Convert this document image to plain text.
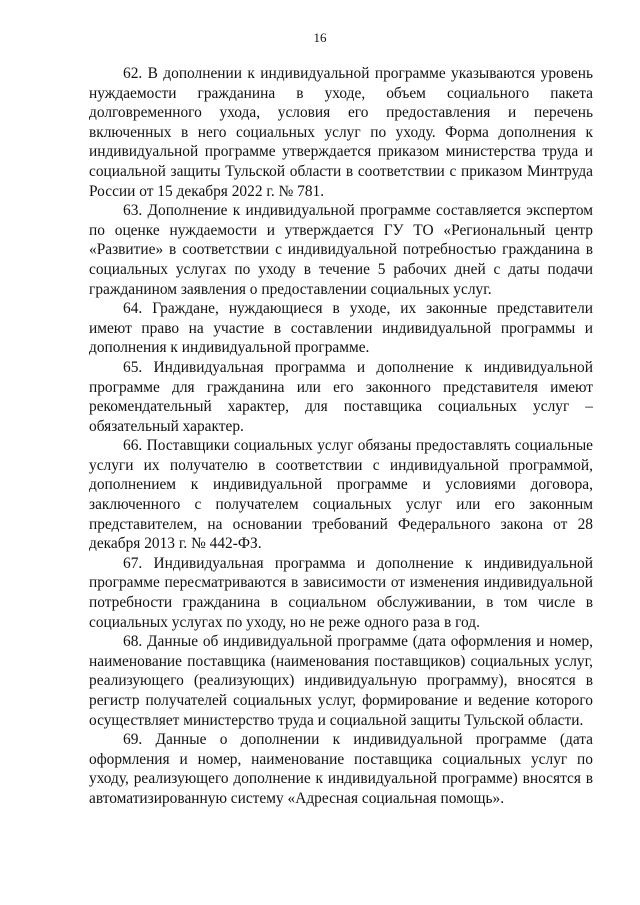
16

62. В дополнении к индивидуальной программе указываются уровень нуждаемости гражданина в уходе, объем социального пакета долговременного ухода, условия его предоставления и перечень включенных в него социальных услуг по уходу. Форма дополнения к индивидуальной программе утверждается приказом министерства труда и социальной защиты Тульской области в соответствии с приказом Минтруда России от 15 декабря 2022 г. № 781.

63. Дополнение к индивидуальной программе составляется экспертом по оценке нуждаемости и утверждается ГУ ТО «Региональный центр «Развитие» в соответствии с индивидуальной потребностью гражданина в социальных услугах по уходу в течение 5 рабочих дней с даты подачи гражданином заявления о предоставлении социальных услуг.

64. Граждане, нуждающиеся в уходе, их законные представители имеют право на участие в составлении индивидуальной программы и дополнения к индивидуальной программе.

65. Индивидуальная программа и дополнение к индивидуальной программе для гражданина или его законного представителя имеют рекомендательный характер, для поставщика социальных услуг – обязательный характер.

66. Поставщики социальных услуг обязаны предоставлять социальные услуги их получателю в соответствии с индивидуальной программой, дополнением к индивидуальной программе и условиями договора, заключенного с получателем социальных услуг или его законным представителем, на основании требований Федерального закона от 28 декабря 2013 г. № 442-ФЗ.

67. Индивидуальная программа и дополнение к индивидуальной программе пересматриваются в зависимости от изменения индивидуальной потребности гражданина в социальном обслуживании, в том числе в социальных услугах по уходу, но не реже одного раза в год.

68. Данные об индивидуальной программе (дата оформления и номер, наименование поставщика (наименования поставщиков) социальных услуг, реализующего (реализующих) индивидуальную программу), вносятся в регистр получателей социальных услуг, формирование и ведение которого осуществляет министерство труда и социальной защиты Тульской области.

69. Данные о дополнении к индивидуальной программе (дата оформления и номер, наименование поставщика социальных услуг по уходу, реализующего дополнение к индивидуальной программе) вносятся в автоматизированную систему «Адресная социальная помощь».
